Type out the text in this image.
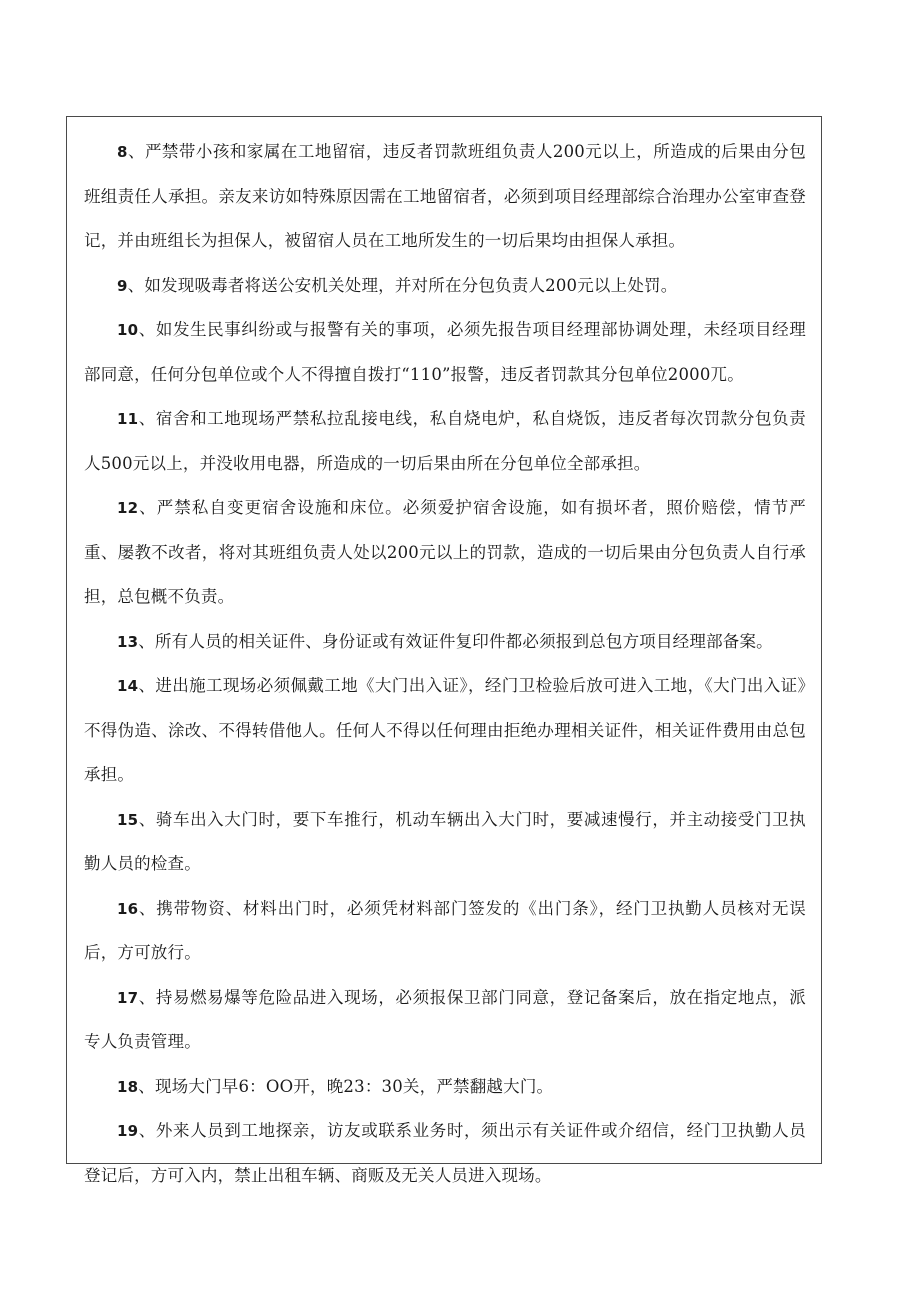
8、严禁带小孩和家属在工地留宿，违反者罚款班组负责人200元以上，所造成的后果由分包班组责任人承担。亲友来访如特殊原因需在工地留宿者，必须到项目经理部综合治理办公室审查登记，并由班组长为担保人，被留宿人员在工地所发生的一切后果均由担保人承担。

9、如发现吸毒者将送公安机关处理，并对所在分包负责人200元以上处罚。

10、如发生民事纠纷或与报警有关的事项，必须先报告项目经理部协调处理，未经项目经理部同意，任何分包单位或个人不得擅自拨打“110”报警，违反者罚款其分包单位2000兀。

11、宿舍和工地现场严禁私拉乱接电线，私自烧电炉，私自烧饭，违反者每次罚款分包负责人500元以上，并没收用电器，所造成的一切后果由所在分包单位全部承担。

12、严禁私自变更宿舍设施和床位。必须爱护宿舍设施，如有损坏者，照价赔偿，情节严重、屡教不改者，将对其班组负责人处以200元以上的罚款，造成的一切后果由分包负责人自行承担，总包概不负责。

13、所有人员的相关证件、身份证或有效证件复印件都必须报到总包方项目经理部备案。

14、进出施工现场必须佩戴工地《大门出入证》，经门卫检验后放可进入工地，《大门出入证》不得伪造、涂改、不得转借他人。任何人不得以任何理由拒绝办理相关证件，相关证件费用由总包承担。

15、骑车出入大门时，要下车推行，机动车辆出入大门时，要减速慢行，并主动接受门卫执勤人员的检查。

16、携带物资、材料出门时，必须凭材料部门签发的《出门条》，经门卫执勤人员核对无误后，方可放行。

17、持易燃易爆等危险品进入现场，必须报保卫部门同意，登记备案后，放在指定地点，派专人负责管理。

18、现场大门早6：OO开，晚23：30关，严禁翻越大门。

19、外来人员到工地探亲，访友或联系业务时，须出示有关证件或介绍信，经门卫执勤人员登记后，方可入内，禁止出租车辆、商贩及无关人员进入现场。
